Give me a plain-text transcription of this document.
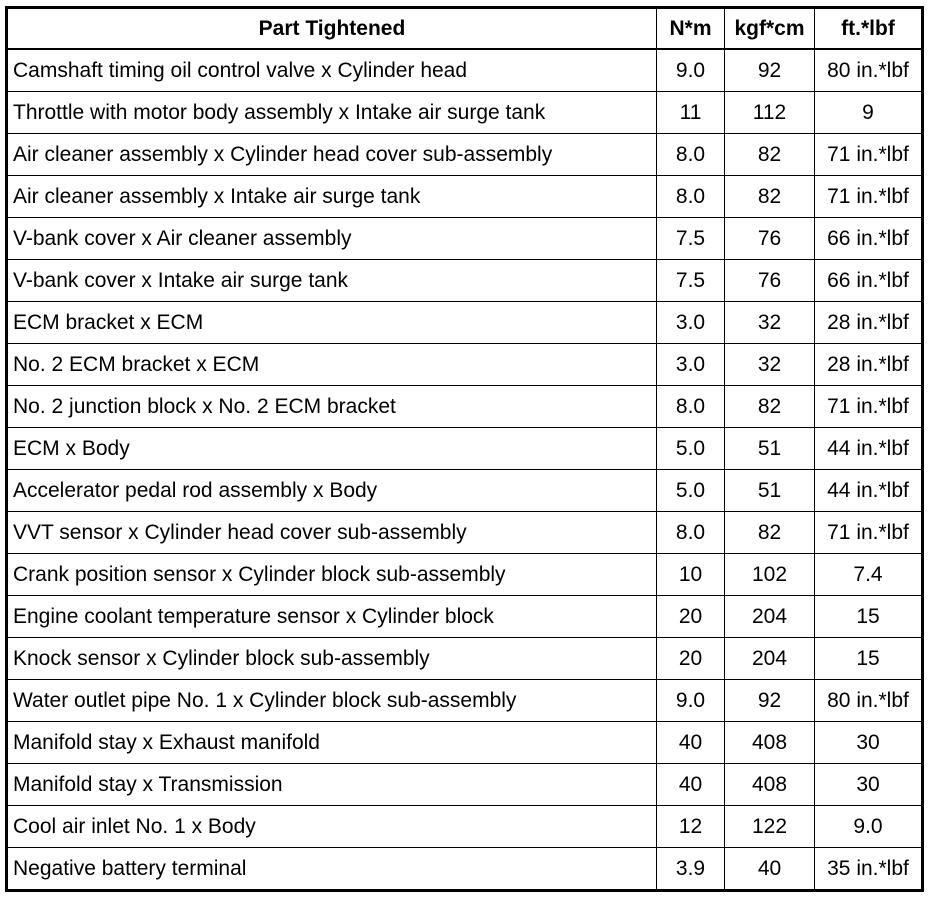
Part Tightened	N*m	kgf*cm	ft.*lbf
Camshaft timing oil control valve x Cylinder head	9.0	92	80 in.*lbf
Throttle with motor body assembly x Intake air surge tank	11	112	9
Air cleaner assembly x Cylinder head cover sub-assembly	8.0	82	71 in.*lbf
Air cleaner assembly x Intake air surge tank	8.0	82	71 in.*lbf
V-bank cover x Air cleaner assembly	7.5	76	66 in.*lbf
V-bank cover x Intake air surge tank	7.5	76	66 in.*lbf
ECM bracket x ECM	3.0	32	28 in.*lbf
No. 2 ECM bracket x ECM	3.0	32	28 in.*lbf
No. 2 junction block x No. 2 ECM bracket	8.0	82	71 in.*lbf
ECM x Body	5.0	51	44 in.*lbf
Accelerator pedal rod assembly x Body	5.0	51	44 in.*lbf
VVT sensor x Cylinder head cover sub-assembly	8.0	82	71 in.*lbf
Crank position sensor x Cylinder block sub-assembly	10	102	7.4
Engine coolant temperature sensor x Cylinder block	20	204	15
Knock sensor x Cylinder block sub-assembly	20	204	15
Water outlet pipe No. 1 x Cylinder block sub-assembly	9.0	92	80 in.*lbf
Manifold stay x Exhaust manifold	40	408	30
Manifold stay x Transmission	40	408	30
Cool air inlet No. 1 x Body	12	122	9.0
Negative battery terminal	3.9	40	35 in.*lbf
